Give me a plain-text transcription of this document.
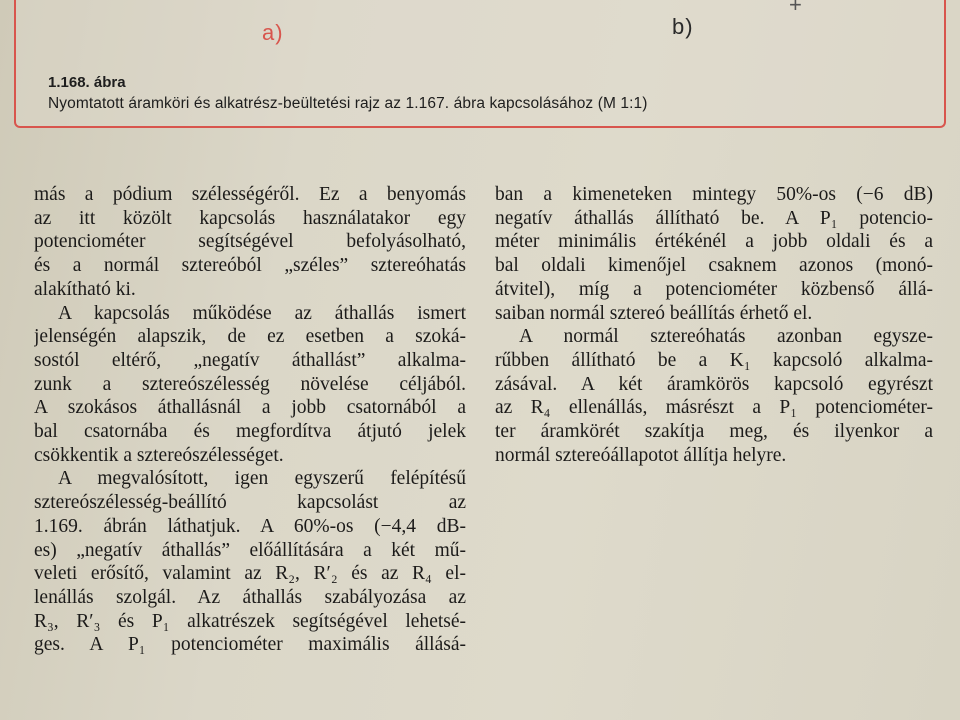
a)	b)
+
1.168. ábra
Nyomtatott áramköri és alkatrész-beültetési rajz az 1.167. ábra kapcsolásához (M 1:1)
más a pódium szélességéről. Ez a benyomás
az itt közölt kapcsolás használatakor egy
potenciométer segítségével befolyásolható,
és a normál sztereóból „széles” sztereóhatás
alakítható ki.
A kapcsolás működése az áthallás ismert
jelenségén alapszik, de ez esetben a szoká-
sostól eltérő, „negatív áthallást” alkalma-
zunk a sztereószélesség növelése céljából.
A szokásos áthallásnál a jobb csatornából a
bal csatornába és megfordítva átjutó jelek
csökkentik a sztereószélességet.
A megvalósított, igen egyszerű felépítésű
sztereószélesség-beállító kapcsolást az
1.169. ábrán láthatjuk. A 60%-os (−4,4 dB-
es) „negatív áthallás” előállítására a két mű-
veleti erősítő, valamint az R₂, R′₂ és az R₄ el-
lenállás szolgál. Az áthallás szabályozása az
R₃, R′₃ és P₁ alkatrészek segítségével lehetsé-
ges. A P₁ potenciométer maximális állásá-
ban a kimeneteken mintegy 50%-os (−6 dB)
negatív áthallás állítható be. A P₁ potencio-
méter minimális értékénél a jobb oldali és a
bal oldali kimenőjel csaknem azonos (monó-
átvitel), míg a potenciométer közbenső állá-
saiban normál sztereó beállítás érhető el.
A normál sztereóhatás azonban egysze-
rűbben állítható be a K₁ kapcsoló alkalma-
zásával. A két áramkörös kapcsoló egyrészt
az R₄ ellenállás, másrészt a P₁ potenciométer-
ter áramkörét szakítja meg, és ilyenkor a
normál sztereóállapotot állítja helyre.
